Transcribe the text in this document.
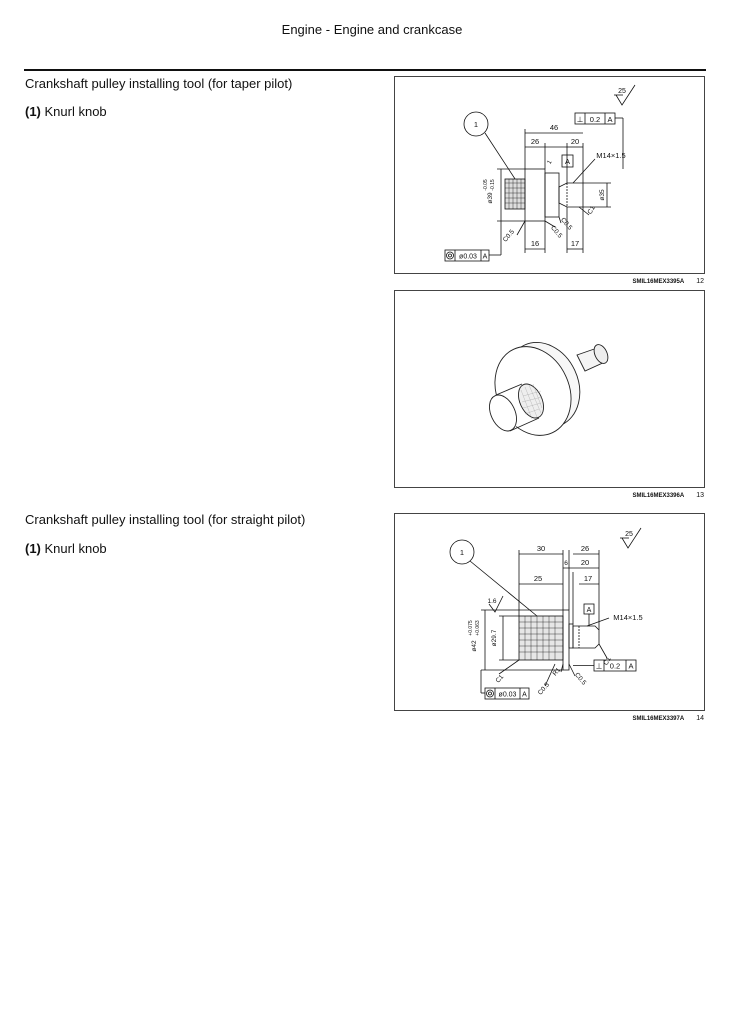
Engine - Engine and crankcase
Crankshaft pulley installing tool (for taper pilot)
(1) Knurl knob
1
25
⊥ 0.2 A
46
26	20
A
M14×1.5
16	17
ø0.03 A
ø39
-0.05 -0.15
ø35
C1
1
C0.5	C0.5
C0.5
SMIL16MEX3395A 12
SMIL16MEX3396A 13
Crankshaft pulley installing tool (for straight pilot)
(1) Knurl knob	1
25
1.6
30	26
6 20
25	17
A
M14×1.5
⊥ 0.2 A
ø0.03 A
ø42
+0.075 +0.063
ø29.7
C1
C1
C0.5
R1 C0.5
SMIL16MEX3397A 14
